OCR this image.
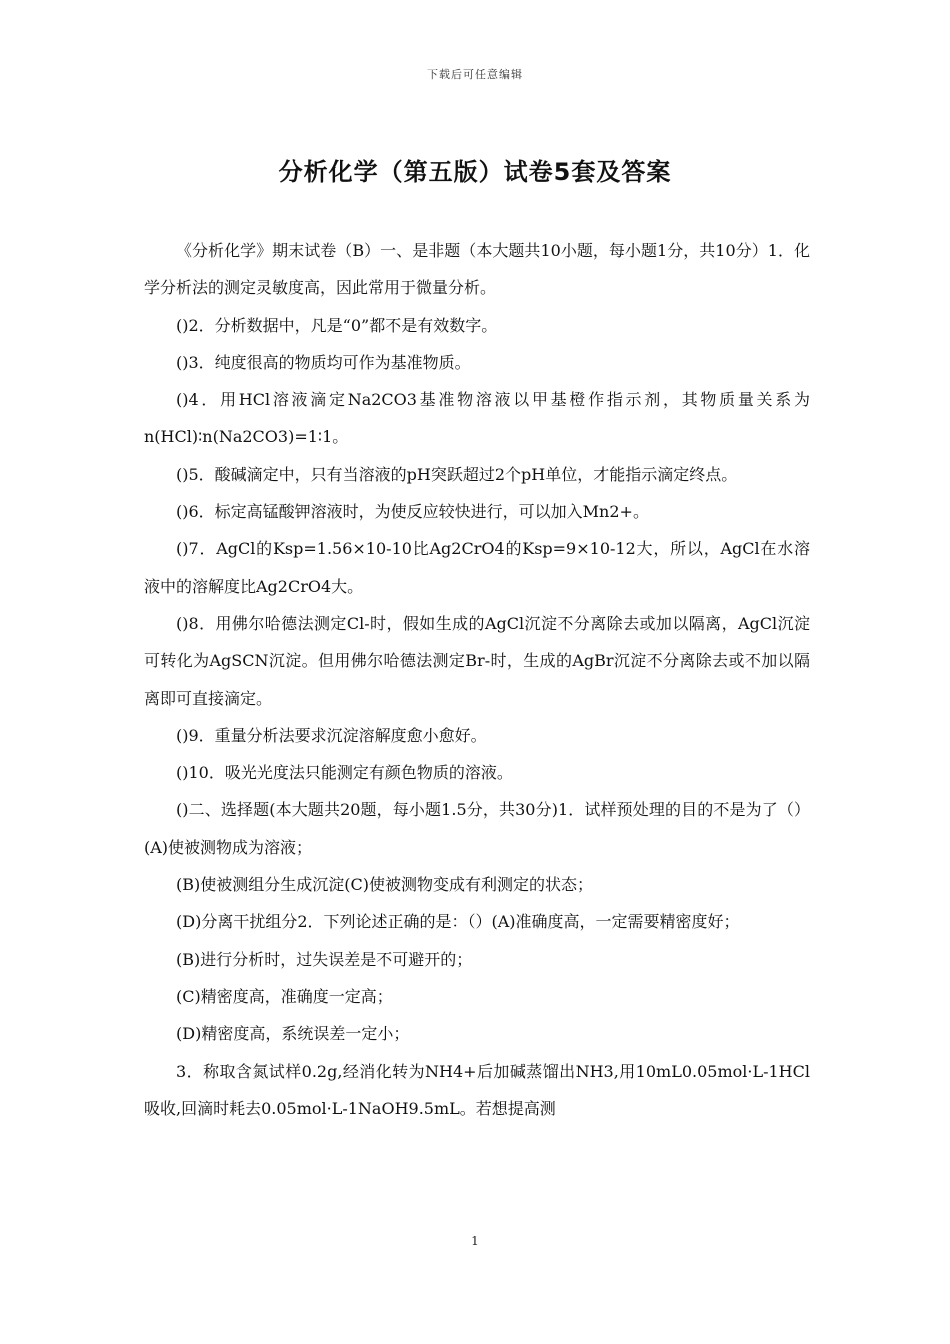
下载后可任意编辑
分析化学（第五版）试卷5套及答案

《分析化学》期末试卷（B）一、是非题（本大题共10小题，每小题1分，共10分）1．化学分析法的测定灵敏度高，因此常用于微量分析。

()2．分析数据中，凡是“0”都不是有效数字。

()3．纯度很高的物质均可作为基准物质。

()4．用HCl溶液滴定Na2CO3基准物溶液以甲基橙作指示剂，其物质量关系为n(HCl)∶n(Na2CO3)=1∶1。

()5．酸碱滴定中，只有当溶液的pH突跃超过2个pH单位，才能指示滴定终点。

()6．标定高锰酸钾溶液时，为使反应较快进行，可以加入Mn2+。

()7．AgCl的Ksp=1.56×10-10比Ag2CrO4的Ksp=9×10-12大，所以，AgCl在水溶液中的溶解度比Ag2CrO4大。

()8．用佛尔哈德法测定Cl-时，假如生成的AgCl沉淀不分离除去或加以隔离，AgCl沉淀可转化为AgSCN沉淀。但用佛尔哈德法测定Br-时，生成的AgBr沉淀不分离除去或不加以隔离即可直接滴定。

()9．重量分析法要求沉淀溶解度愈小愈好。

()10．吸光光度法只能测定有颜色物质的溶液。

()二、选择题(本大题共20题，每小题1.5分，共30分)1．试样预处理的目的不是为了（）(A)使被测物成为溶液；

(B)使被测组分生成沉淀(C)使被测物变成有利测定的状态；

(D)分离干扰组分2．下列论述正确的是：（）(A)准确度高，一定需要精密度好；

(B)进行分析时，过失误差是不可避开的；

(C)精密度高，准确度一定高；

(D)精密度高，系统误差一定小；

3．称取含氮试样0.2g,经消化转为NH4+后加碱蒸馏出NH3,用10mL0.05mol·L-1HCl吸收,回滴时耗去0.05mol·L-1NaOH9.5mL。若想提高测

1
